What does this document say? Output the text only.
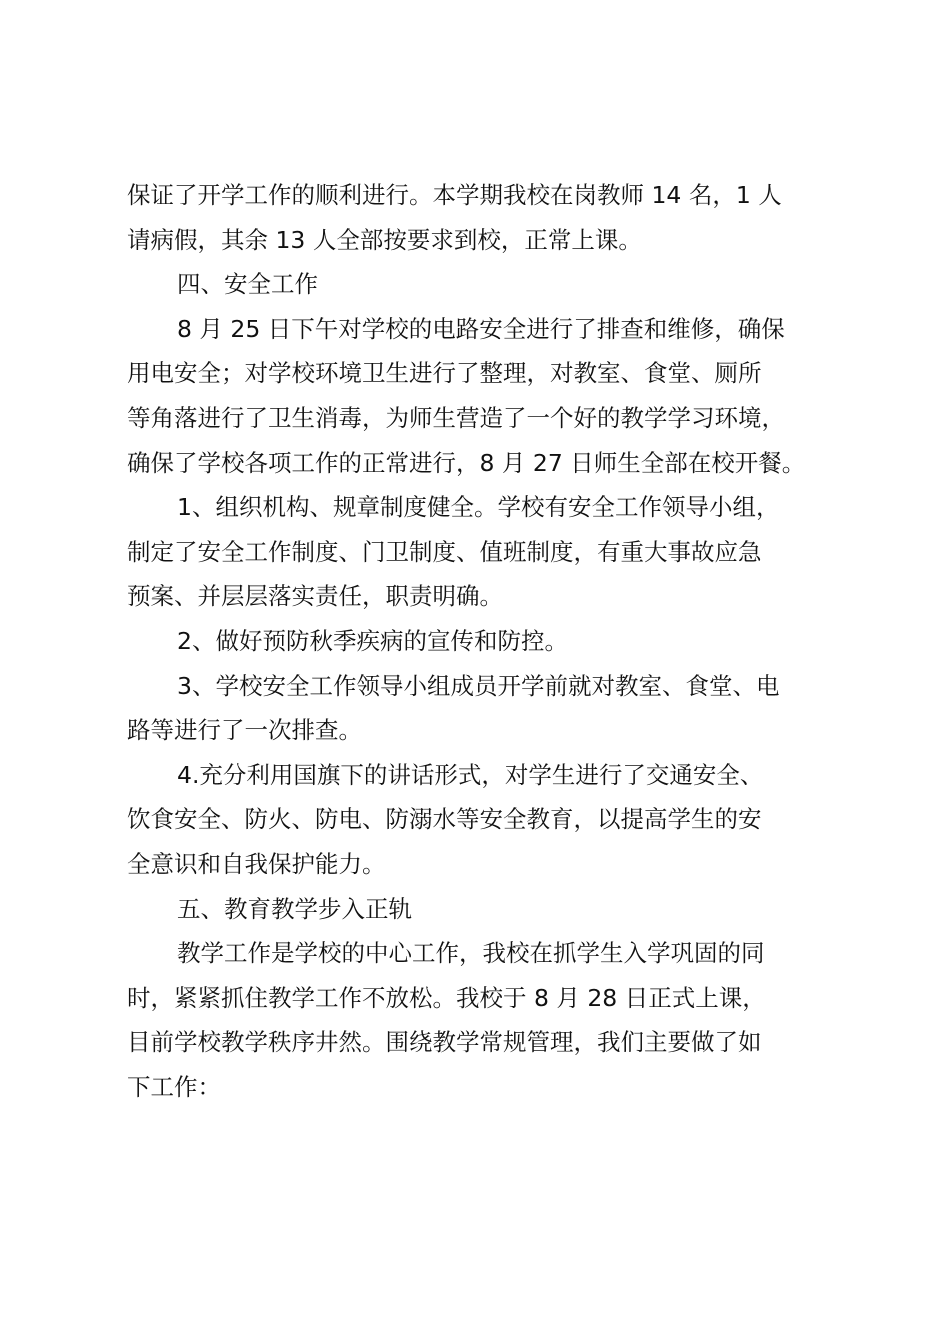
保证了开学工作的顺利进行。本学期我校在岗教师 14 名，1 人
请病假，其余 13 人全部按要求到校，正常上课。
四、安全工作
8 月 25 日下午对学校的电路安全进行了排查和维修，确保
用电安全；对学校环境卫生进行了整理，对教室、食堂、厕所
等角落进行了卫生消毒，为师生营造了一个好的教学学习环境，
确保了学校各项工作的正常进行，8 月 27 日师生全部在校开餐。
1、组织机构、规章制度健全。学校有安全工作领导小组，
制定了安全工作制度、门卫制度、值班制度，有重大事故应急
预案、并层层落实责任，职责明确。
2、做好预防秋季疾病的宣传和防控。
3、学校安全工作领导小组成员开学前就对教室、食堂、电
路等进行了一次排查。
4.充分利用国旗下的讲话形式，对学生进行了交通安全、
饮食安全、防火、防电、防溺水等安全教育，以提高学生的安
全意识和自我保护能力。
五、教育教学步入正轨
教学工作是学校的中心工作，我校在抓学生入学巩固的同
时，紧紧抓住教学工作不放松。我校于 8 月 28 日正式上课，
目前学校教学秩序井然。围绕教学常规管理，我们主要做了如
下工作：
